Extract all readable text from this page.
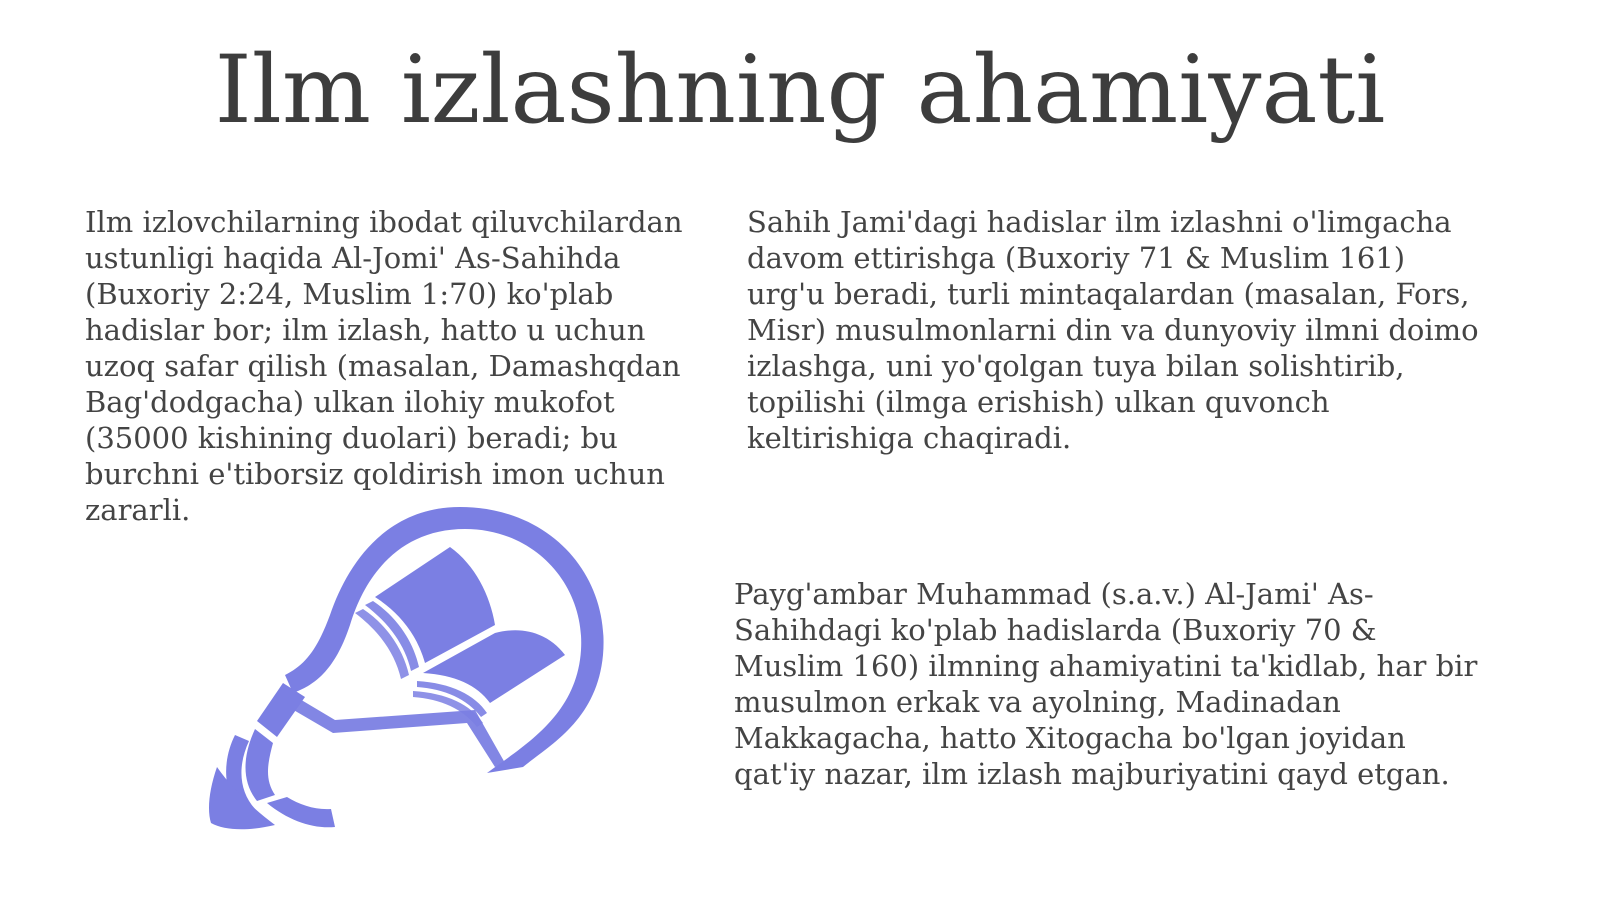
Ilm izlashning ahamiyati

Ilm izlovchilarning ibodat qiluvchilardan ustunligi haqida Al-Jomi' As-Sahihda (Buxoriy 2:24, Muslim 1:70) ko'plab hadislar bor; ilm izlash, hatto u uchun uzoq safar qilish (masalan, Damashqdan Bag'dodgacha) ulkan ilohiy mukofot (35000 kishining duolari) beradi; bu burchni e'tiborsiz qoldirish imon uchun zararli.

Sahih Jami'dagi hadislar ilm izlashni o'limgacha davom ettirishga (Buxoriy 71 & Muslim 161) urg'u beradi, turli mintaqalardan (masalan, Fors, Misr) musulmonlarni din va dunyoviy ilmni doimo izlashga, uni yo'qolgan tuya bilan solishtirib, topilishi (ilmga erishish) ulkan quvonch keltirishiga chaqiradi.

Payg'ambar Muhammad (s.a.v.) Al-Jami' As-Sahihdagi ko'plab hadislarda (Buxoriy 70 & Muslim 160) ilmning ahamiyatini ta'kidlab, har bir musulmon erkak va ayolning, Madinadan Makkagacha, hatto Xitogacha bo'lgan joyidan qat'iy nazar, ilm izlash majburiyatini qayd etgan.
